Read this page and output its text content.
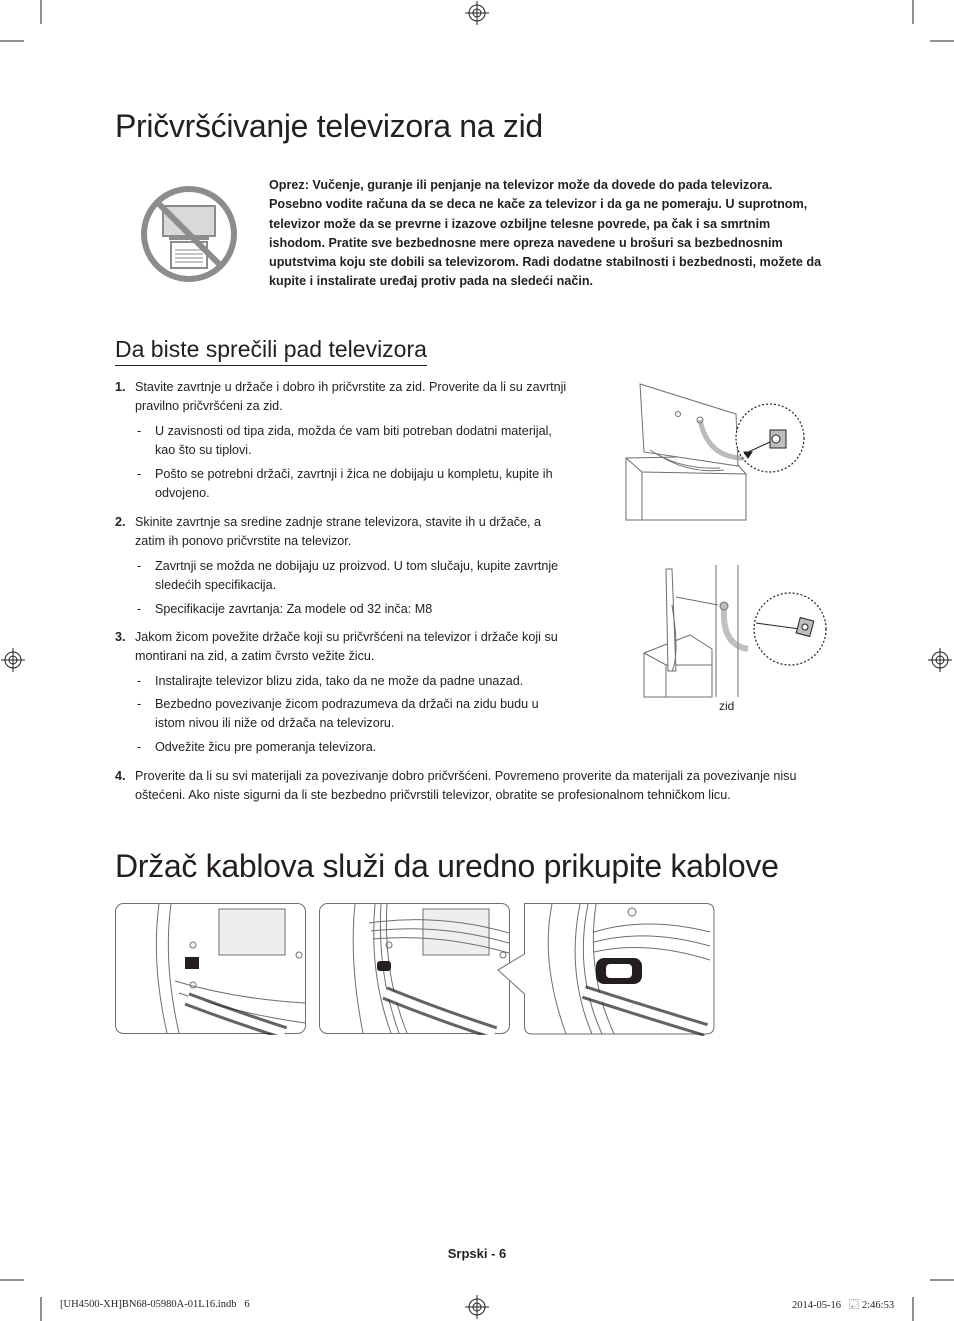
Pričvršćivanje televizora na zid
Oprez: Vučenje, guranje ili penjanje na televizor može da dovede do pada televizora. Posebno vodite računa da se deca ne kače za televizor i da ga ne pomeraju. U suprotnom, televizor može da se prevrne i izazove ozbiljne telesne povrede, pa čak i sa smrtnim ishodom. Pratite sve bezbednosne mere opreza navedene u brošuri sa bezbednosnim uputstvima koju ste dobili sa televizorom. Radi dodatne stabilnosti i bezbednosti, možete da kupite i instalirate uređaj protiv pada na sledeći način.
Da biste sprečili pad televizora
1. Stavite zavrtnje u držače i dobro ih pričvrstite za zid. Proverite da li su zavrtnji
pravilno pričvršćeni za zid.
- U zavisnosti od tipa zida, možda će vam biti potreban dodatni materijal,
kao što su tiplovi.
- Pošto se potrebni držači, zavrtnji i žica ne dobijaju u kompletu, kupite ih
odvojeno.
2. Skinite zavrtnje sa sredine zadnje strane televizora, stavite ih u držače, a
zatim ih ponovo pričvrstite na televizor.
- Zavrtnji se možda ne dobijaju uz proizvod. U tom slučaju, kupite zavrtnje
sledećih specifikacija.
- Specifikacije zavrtanja: Za modele od 32 inča: M8
3. Jakom žicom povežite držače koji su pričvršćeni na televizor i držače koji su
montirani na zid, a zatim čvrsto vežite žicu.
- Instalirajte televizor blizu zida, tako da ne može da padne unazad.
- Bezbedno povezivanje žicom podrazumeva da držači na zidu budu u
istom nivou ili niže od držača na televizoru.
- Odvežite žicu pre pomeranja televizora.
4. Proverite da li su svi materijali za povezivanje dobro pričvršćeni. Povremeno proverite da materijali za povezivanje nisu
oštećeni. Ako niste sigurni da li ste bezbedno pričvrstili televizor, obratite se profesionalnom tehničkom licu.
zid
Držač kablova služi da uredno prikupite kablove
Srpski - 6
[UH4500-XH]BN68-05980A-01L16.indb   6	2014-05-16   ⿿ 2:46:53
